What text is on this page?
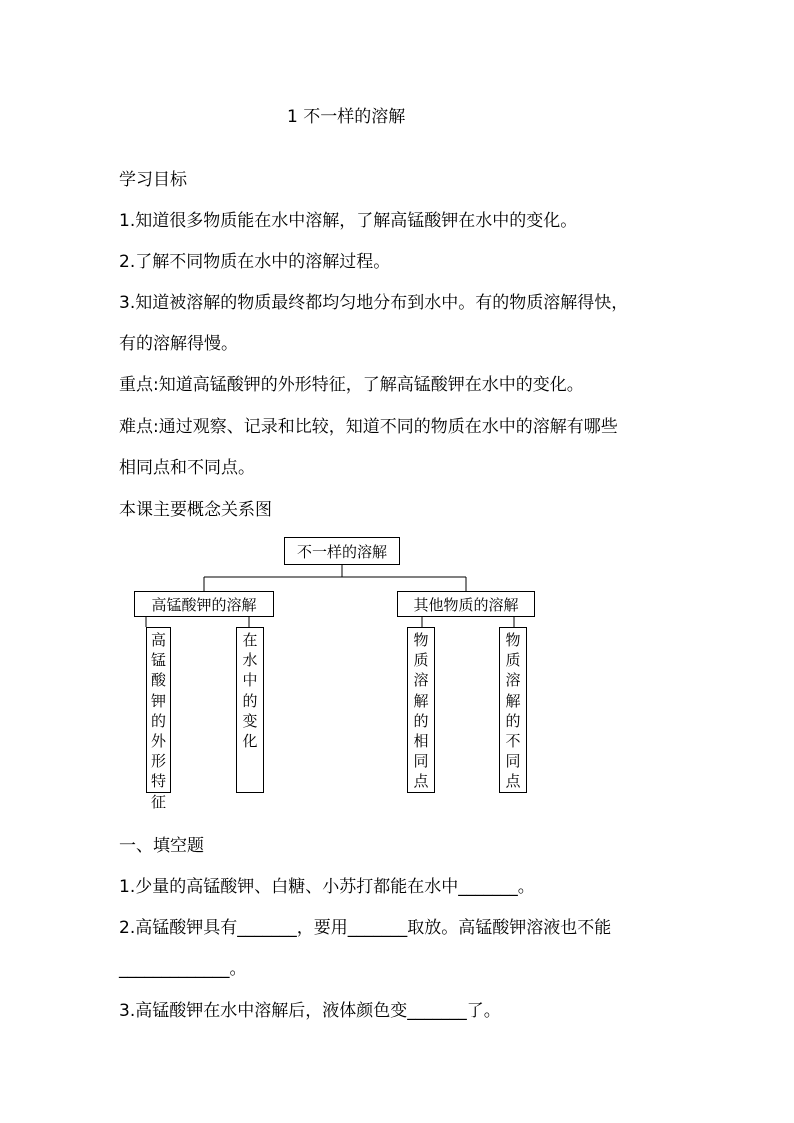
1 不一样的溶解

学习目标

1.知道很多物质能在水中溶解，了解高锰酸钾在水中的变化。

2.了解不同物质在水中的溶解过程。

3.知道被溶解的物质最终都均匀地分布到水中。有的物质溶解得快，

有的溶解得慢。

重点:知道高锰酸钾的外形特征，了解高锰酸钾在水中的变化。

难点:通过观察、记录和比较，知道不同的物质在水中的溶解有哪些

相同点和不同点。

本课主要概念关系图

不一样的溶解
高锰酸钾的溶解	其他物质的溶解
高
锰
酸
钾
的
外
形
特
征
在
水
中
的
变
化
物
质
溶
解
的
相
同
点
物
质
溶
解
的
不
同
点

一、填空题

1.少量的高锰酸钾、白糖、小苏打都能在水中_______。

2.高锰酸钾具有_______，要用_______取放。高锰酸钾溶液也不能

_____________。

3.高锰酸钾在水中溶解后，液体颜色变_______了。
